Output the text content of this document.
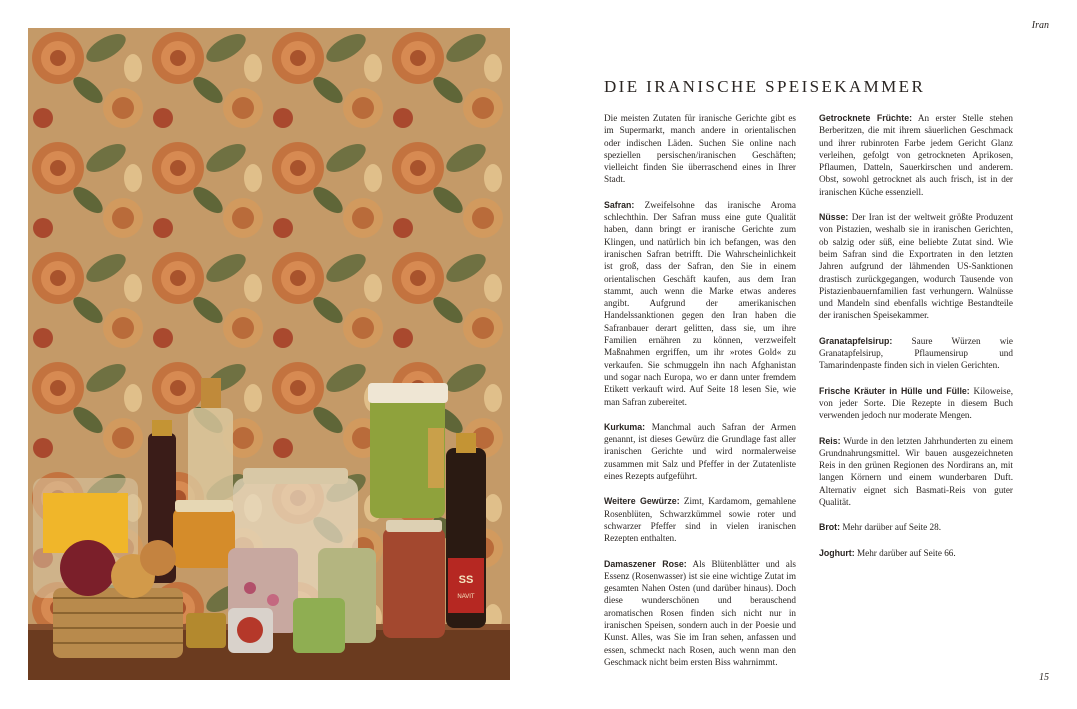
SS
NAVIT
Iran
DIE IRANISCHE SPEISEKAMMER

Die meisten Zutaten für iranische Gerichte gibt es im Supermarkt, manch andere in orientalischen oder indischen Läden. Suchen Sie online nach speziellen persischen/iranischen Geschäften; vielleicht finden Sie überraschend eines in Ihrer Stadt.

Safran: Zweifelsohne das iranische Aroma schlechthin. Der Safran muss eine gute Qualität haben, dann bringt er iranische Gerichte zum Klingen, und natürlich bin ich befangen, was den iranischen Safran betrifft. Die Wahrscheinlichkeit ist groß, dass der Safran, den Sie in einem orientalischen Geschäft kaufen, aus dem Iran stammt, auch wenn die Marke etwas anderes angibt. Aufgrund der amerikanischen Handelssanktionen gegen den Iran haben die Safranbauer derart gelitten, dass sie, um ihre Familien ernähren zu können, verzweifelt Maßnahmen ergriffen, um ihr »rotes Gold« zu verkaufen. Sie schmuggeln ihn nach Afghanistan und sogar nach Europa, wo er dann unter fremdem Etikett verkauft wird. Auf Seite 18 lesen Sie, wie man Safran zubereitet.

Kurkuma: Manchmal auch Safran der Armen genannt, ist dieses Gewürz die Grundlage fast aller iranischen Gerichte und wird normalerweise zusammen mit Salz und Pfeffer in der Zutatenliste eines Rezepts aufgeführt.

Weitere Gewürze: Zimt, Kardamom, gemahlene Rosenblüten, Schwarzkümmel sowie roter und schwarzer Pfeffer sind in vielen iranischen Rezepten enthalten.

Damaszener Rose: Als Blütenblätter und als Essenz (Rosenwasser) ist sie eine wichtige Zutat im gesamten Nahen Osten (und darüber hinaus). Doch diese wunderschönen und berauschend aromatischen Rosen finden sich nicht nur in iranischen Speisen, sondern auch in der Poesie und Kunst. Alles, was Sie im Iran sehen, anfassen und essen, schmeckt nach Rosen, auch wenn man den Geschmack nicht beim ersten Biss wahrnimmt.

Getrocknete Früchte: An erster Stelle stehen Berberitzen, die mit ihrem säuerlichen Geschmack und ihrer rubinroten Farbe jedem Gericht Glanz verleihen, gefolgt von getrockneten Aprikosen, Pflaumen, Datteln, Sauerkirschen und anderem. Obst, sowohl getrocknet als auch frisch, ist in der iranischen Küche essenziell.

Nüsse: Der Iran ist der weltweit größte Produzent von Pistazien, weshalb sie in iranischen Gerichten, ob salzig oder süß, eine beliebte Zutat sind. Wie beim Safran sind die Exportraten in den letzten Jahren aufgrund der lähmenden US-Sanktionen drastisch zurückgegangen, wodurch Tausende von Pistazienbauernfamilien fast verhungern. Walnüsse und Mandeln sind ebenfalls wichtige Bestandteile der iranischen Speisekammer.

Granatapfelsirup: Saure Würzen wie Granatapfelsirup, Pflaumensirup und Tamarindenpaste finden sich in vielen Gerichten.

Frische Kräuter in Hülle und Fülle: Kiloweise, von jeder Sorte. Die Rezepte in diesem Buch verwenden jedoch nur moderate Mengen.

Reis: Wurde in den letzten Jahrhunderten zu einem Grundnahrungsmittel. Wir bauen ausgezeichneten Reis in den grünen Regionen des Nordirans an, mit langen Körnern und einem wunderbaren Duft. Alternativ eignet sich Basmati-Reis von guter Qualität.

Brot: Mehr darüber auf Seite 28.

Joghurt: Mehr darüber auf Seite 66.

15
